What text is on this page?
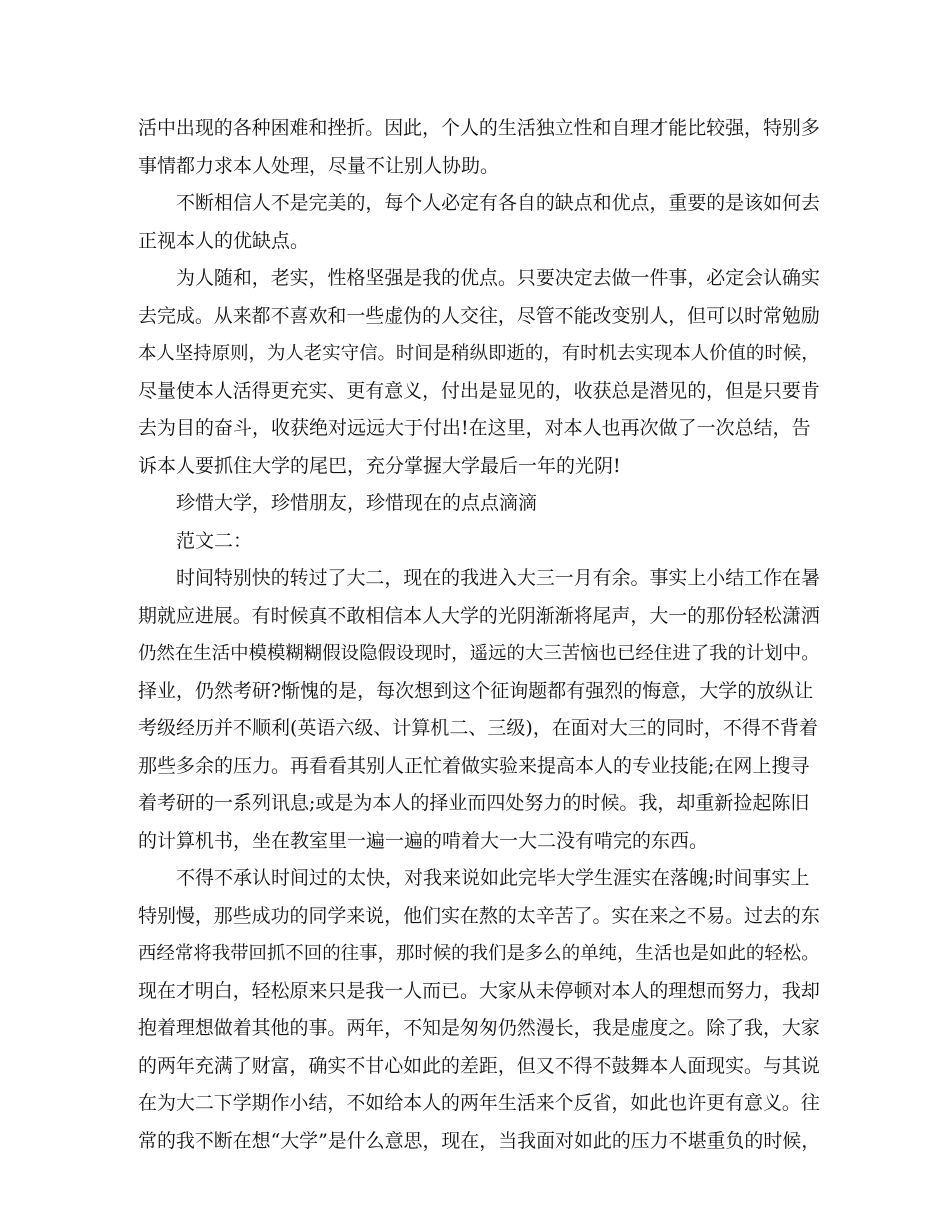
活中出现的各种困难和挫折。因此，个人的生活独立性和自理才能比较强，特别多
事情都力求本人处理，尽量不让别人协助。
不断相信人不是完美的，每个人必定有各自的缺点和优点，重要的是该如何去
正视本人的优缺点。
为人随和，老实，性格坚强是我的优点。只要决定去做一件事，必定会认确实
去完成。从来都不喜欢和一些虚伪的人交往，尽管不能改变别人，但可以时常勉励
本人坚持原则，为人老实守信。时间是稍纵即逝的，有时机去实现本人价值的时候，
尽量使本人活得更充实、更有意义，付出是显见的，收获总是潜见的，但是只要肯
去为目的奋斗，收获绝对远远大于付出!在这里，对本人也再次做了一次总结，告
诉本人要抓住大学的尾巴，充分掌握大学最后一年的光阴!
珍惜大学，珍惜朋友，珍惜现在的点点滴滴
范文二：
时间特别快的转过了大二，现在的我进入大三一月有余。事实上小结工作在暑
期就应进展。有时候真不敢相信本人大学的光阴渐渐将尾声，大一的那份轻松潇洒
仍然在生活中模模糊糊假设隐假设现时，遥远的大三苦恼也已经住进了我的计划中。
择业，仍然考研?惭愧的是，每次想到这个征询题都有强烈的悔意，大学的放纵让
考级经历并不顺利(英语六级、计算机二、三级)，在面对大三的同时，不得不背着
那些多余的压力。再看看其别人正忙着做实验来提高本人的专业技能;在网上搜寻
着考研的一系列讯息;或是为本人的择业而四处努力的时候。我，却重新捡起陈旧
的计算机书，坐在教室里一遍一遍的啃着大一大二没有啃完的东西。
不得不承认时间过的太快，对我来说如此完毕大学生涯实在落魄;时间事实上
特别慢，那些成功的同学来说，他们实在熬的太辛苦了。实在来之不易。过去的东
西经常将我带回抓不回的往事，那时候的我们是多么的单纯，生活也是如此的轻松。
现在才明白，轻松原来只是我一人而已。大家从未停顿对本人的理想而努力，我却
抱着理想做着其他的事。两年，不知是匆匆仍然漫长，我是虚度之。除了我，大家
的两年充满了财富，确实不甘心如此的差距，但又不得不鼓舞本人面现实。与其说
在为大二下学期作小结，不如给本人的两年生活来个反省，如此也许更有意义。往
常的我不断在想“大学”是什么意思，现在，当我面对如此的压力不堪重负的时候，
